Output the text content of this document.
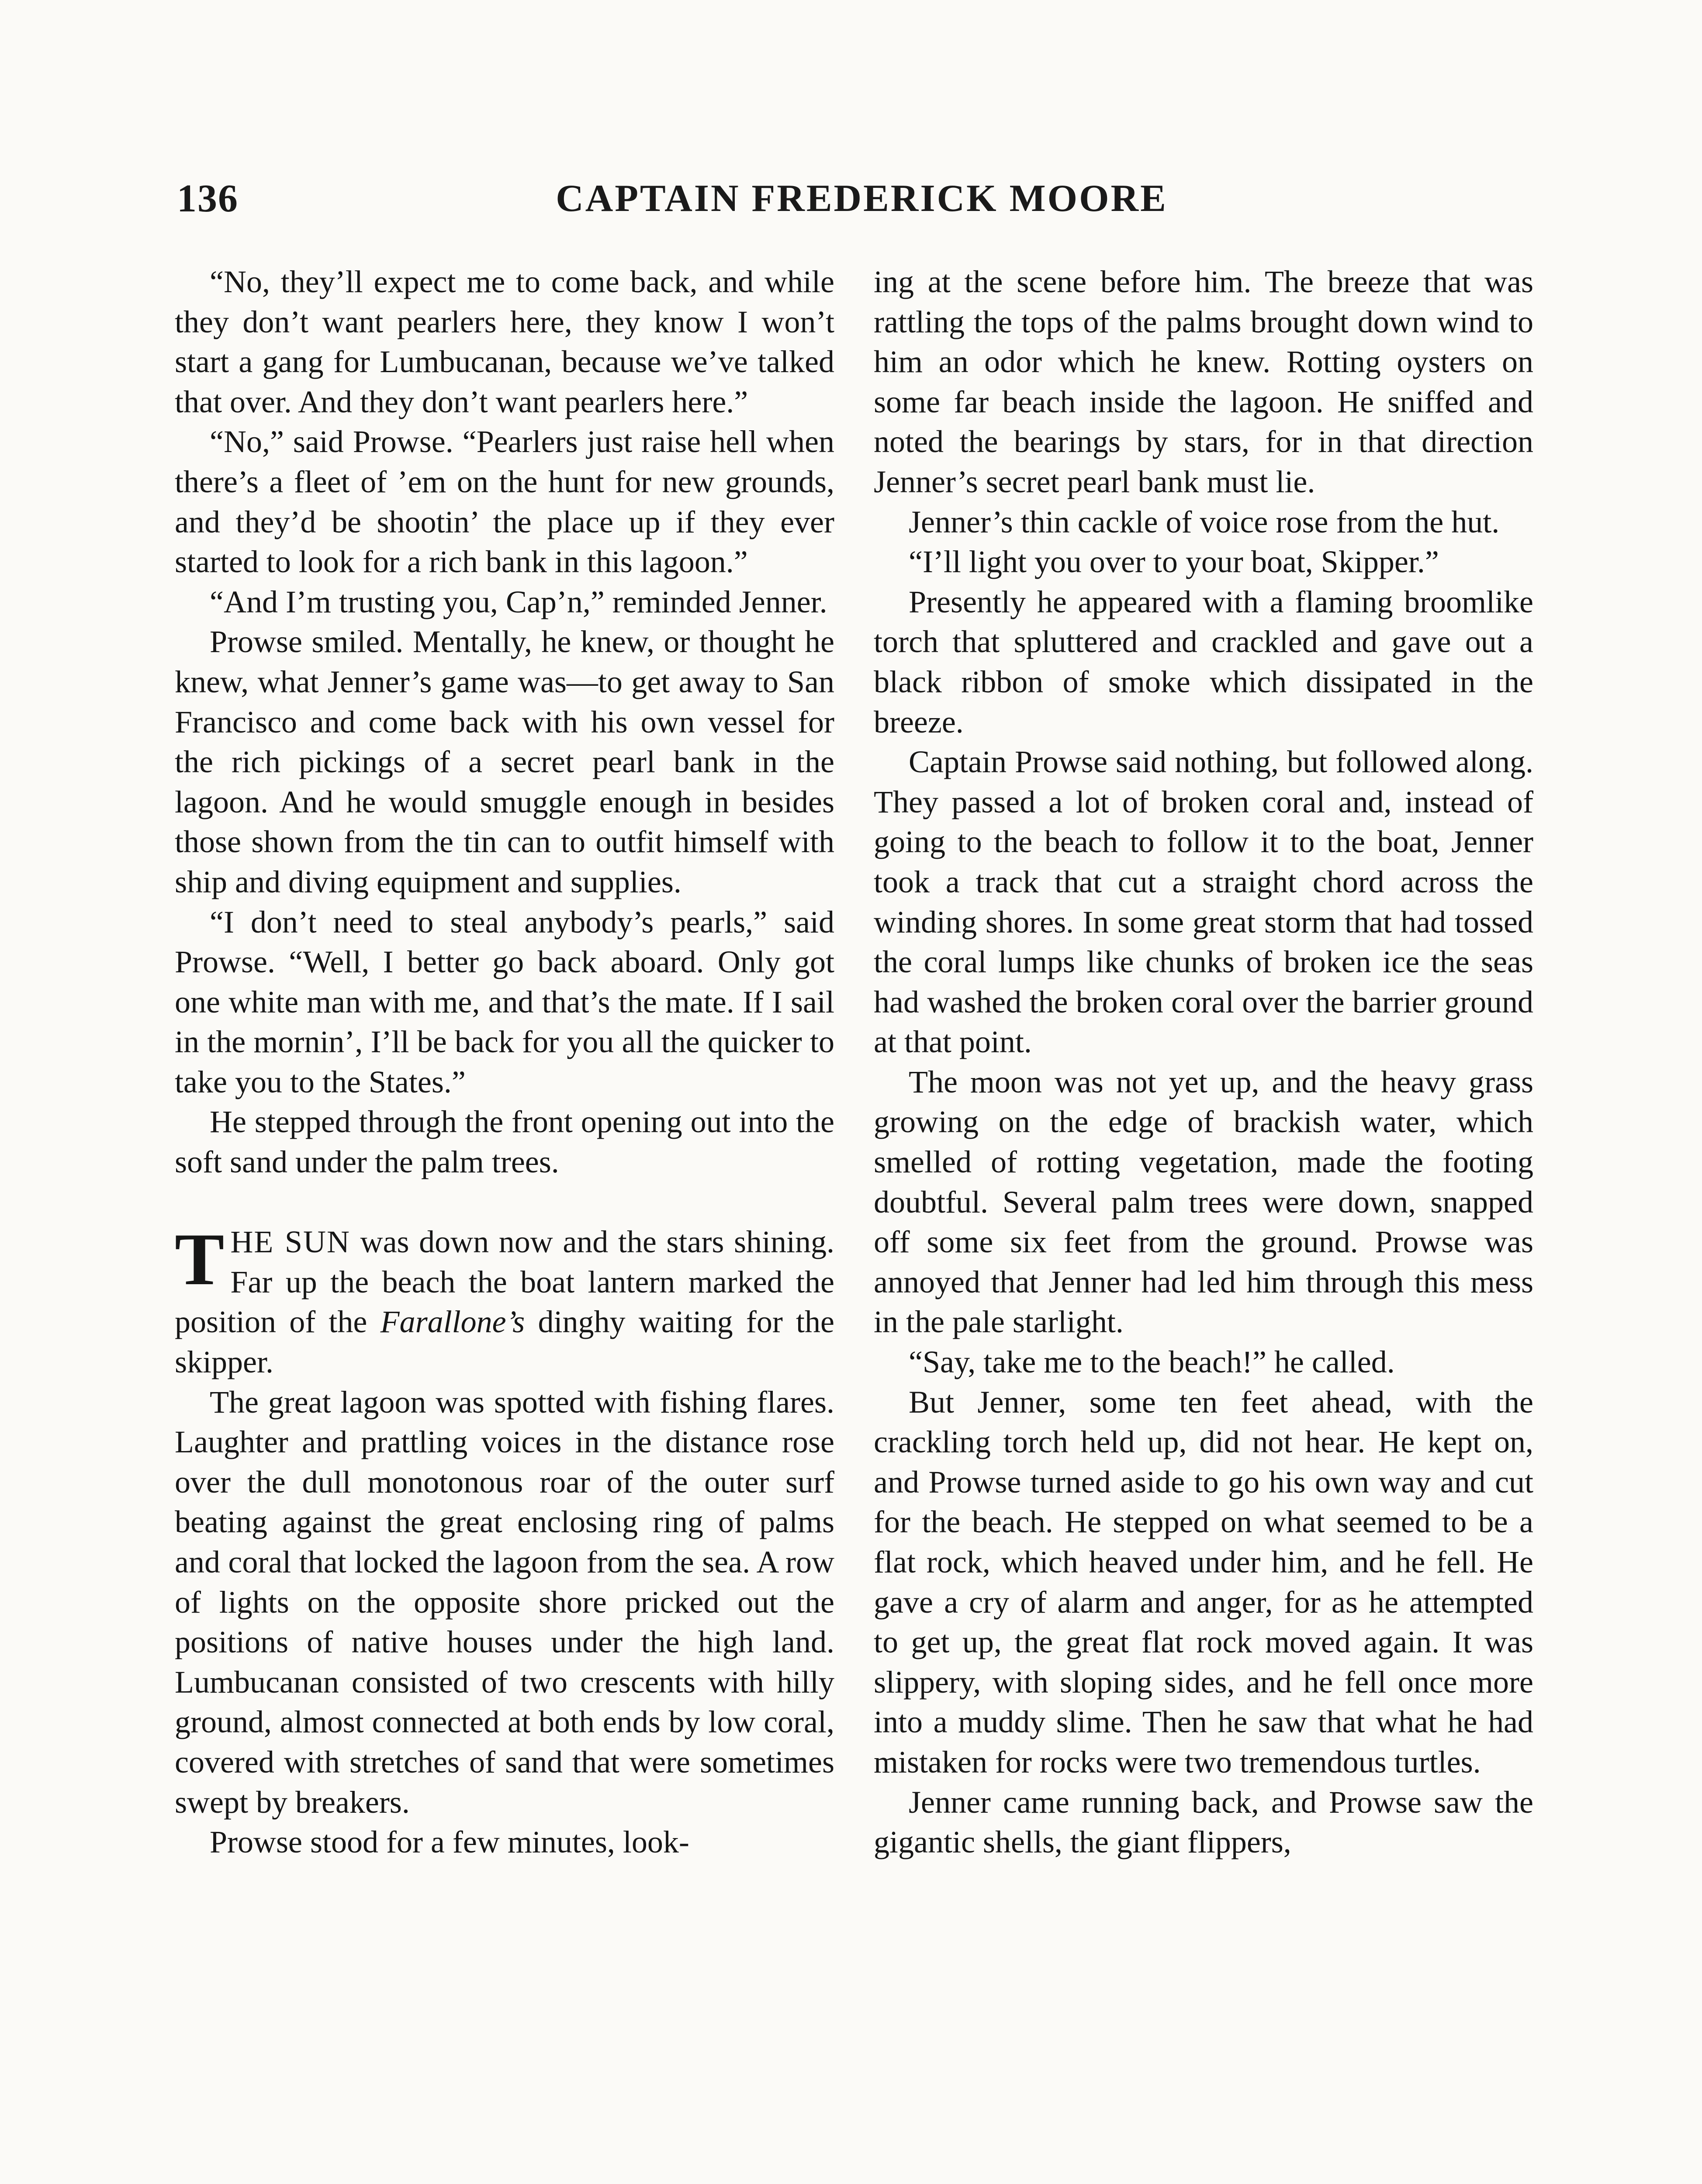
136	CAPTAIN FREDERICK MOORE

“No, they’ll expect me to come back, and while they don’t want pearlers here, they know I won’t start a gang for Lumbucanan, because we’ve talked that over. And they don’t want pearlers here.”

“No,” said Prowse. “Pearlers just raise hell when there’s a fleet of ’em on the hunt for new grounds, and they’d be shootin’ the place up if they ever started to look for a rich bank in this lagoon.”

“And I’m trusting you, Cap’n,” reminded Jenner.

Prowse smiled. Mentally, he knew, or thought he knew, what Jenner’s game was—to get away to San Francisco and come back with his own vessel for the rich pickings of a secret pearl bank in the lagoon. And he would smuggle enough in besides those shown from the tin can to outfit himself with ship and diving equipment and supplies.

“I don’t need to steal anybody’s pearls,” said Prowse. “Well, I better go back aboard. Only got one white man with me, and that’s the mate. If I sail in the mornin’, I’ll be back for you all the quicker to take you to the States.”

He stepped through the front opening out into the soft sand under the palm trees.

THE SUN was down now and the stars shining. Far up the beach the boat lantern marked the position of the Farallone’s dinghy waiting for the skipper.

The great lagoon was spotted with fishing flares. Laughter and prattling voices in the distance rose over the dull monotonous roar of the outer surf beating against the great enclosing ring of palms and coral that locked the lagoon from the sea. A row of lights on the opposite shore pricked out the positions of native houses under the high land. Lumbucanan consisted of two crescents with hilly ground, almost connected at both ends by low coral, covered with stretches of sand that were sometimes swept by breakers.

Prowse stood for a few minutes, look-

ing at the scene before him. The breeze that was rattling the tops of the palms brought down wind to him an odor which he knew. Rotting oysters on some far beach inside the lagoon. He sniffed and noted the bearings by stars, for in that direction Jenner’s secret pearl bank must lie.

Jenner’s thin cackle of voice rose from the hut.

“I’ll light you over to your boat, Skipper.”

Presently he appeared with a flaming broomlike torch that spluttered and crackled and gave out a black ribbon of smoke which dissipated in the breeze.

Captain Prowse said nothing, but followed along. They passed a lot of broken coral and, instead of going to the beach to follow it to the boat, Jenner took a track that cut a straight chord across the winding shores. In some great storm that had tossed the coral lumps like chunks of broken ice the seas had washed the broken coral over the barrier ground at that point.

The moon was not yet up, and the heavy grass growing on the edge of brackish water, which smelled of rotting vegetation, made the footing doubtful. Several palm trees were down, snapped off some six feet from the ground. Prowse was annoyed that Jenner had led him through this mess in the pale starlight.

“Say, take me to the beach!” he called.

But Jenner, some ten feet ahead, with the crackling torch held up, did not hear. He kept on, and Prowse turned aside to go his own way and cut for the beach. He stepped on what seemed to be a flat rock, which heaved under him, and he fell. He gave a cry of alarm and anger, for as he attempted to get up, the great flat rock moved again. It was slippery, with sloping sides, and he fell once more into a muddy slime. Then he saw that what he had mistaken for rocks were two tremendous turtles.

Jenner came running back, and Prowse saw the gigantic shells, the giant flippers,
